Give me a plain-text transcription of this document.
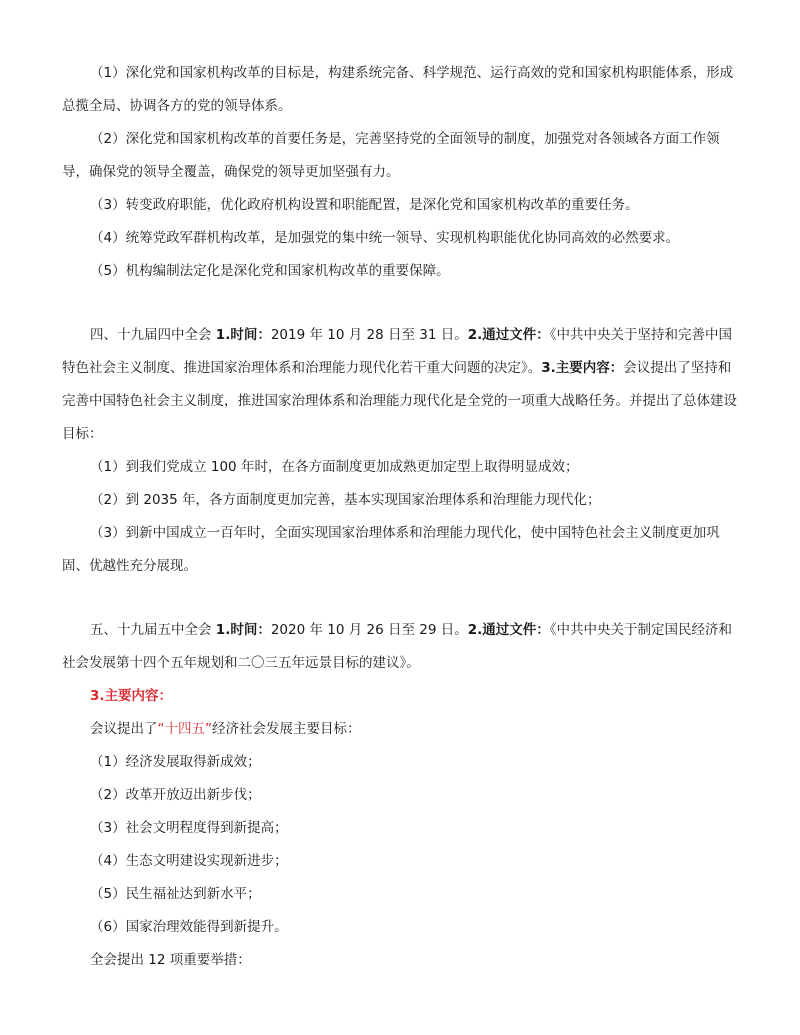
（1）深化党和国家机构改革的目标是，构建系统完备、科学规范、运行高效的党和国家机构职能体系，形成总揽全局、协调各方的党的领导体系。

（2）深化党和国家机构改革的首要任务是，完善坚持党的全面领导的制度，加强党对各领域各方面工作领导，确保党的领导全覆盖，确保党的领导更加坚强有力。

（3）转变政府职能，优化政府机构设置和职能配置，是深化党和国家机构改革的重要任务。

（4）统筹党政军群机构改革，是加强党的集中统一领导、实现机构职能优化协同高效的必然要求。

（5）机构编制法定化是深化党和国家机构改革的重要保障。

四、十九届四中全会 1.时间：2019 年 10 月 28 日至 31 日。2.通过文件：《中共中央关于坚持和完善中国特色社会主义制度、推进国家治理体系和治理能力现代化若干重大问题的决定》。3.主要内容：会议提出了坚持和完善中国特色社会主义制度，推进国家治理体系和治理能力现代化是全党的一项重大战略任务。并提出了总体建设目标：

（1）到我们党成立 100 年时，在各方面制度更加成熟更加定型上取得明显成效；

（2）到 2035 年，各方面制度更加完善，基本实现国家治理体系和治理能力现代化；

（3）到新中国成立一百年时，全面实现国家治理体系和治理能力现代化，使中国特色社会主义制度更加巩固、优越性充分展现。

五、十九届五中全会 1.时间：2020 年 10 月 26 日至 29 日。2.通过文件：《中共中央关于制定国民经济和社会发展第十四个五年规划和二〇三五年远景目标的建议》。

3.主要内容：

会议提出了“十四五”经济社会发展主要目标：

（1）经济发展取得新成效；

（2）改革开放迈出新步伐；

（3）社会文明程度得到新提高；

（4）生态文明建设实现新进步；

（5）民生福祉达到新水平；

（6）国家治理效能得到新提升。

全会提出 12 项重要举措：
